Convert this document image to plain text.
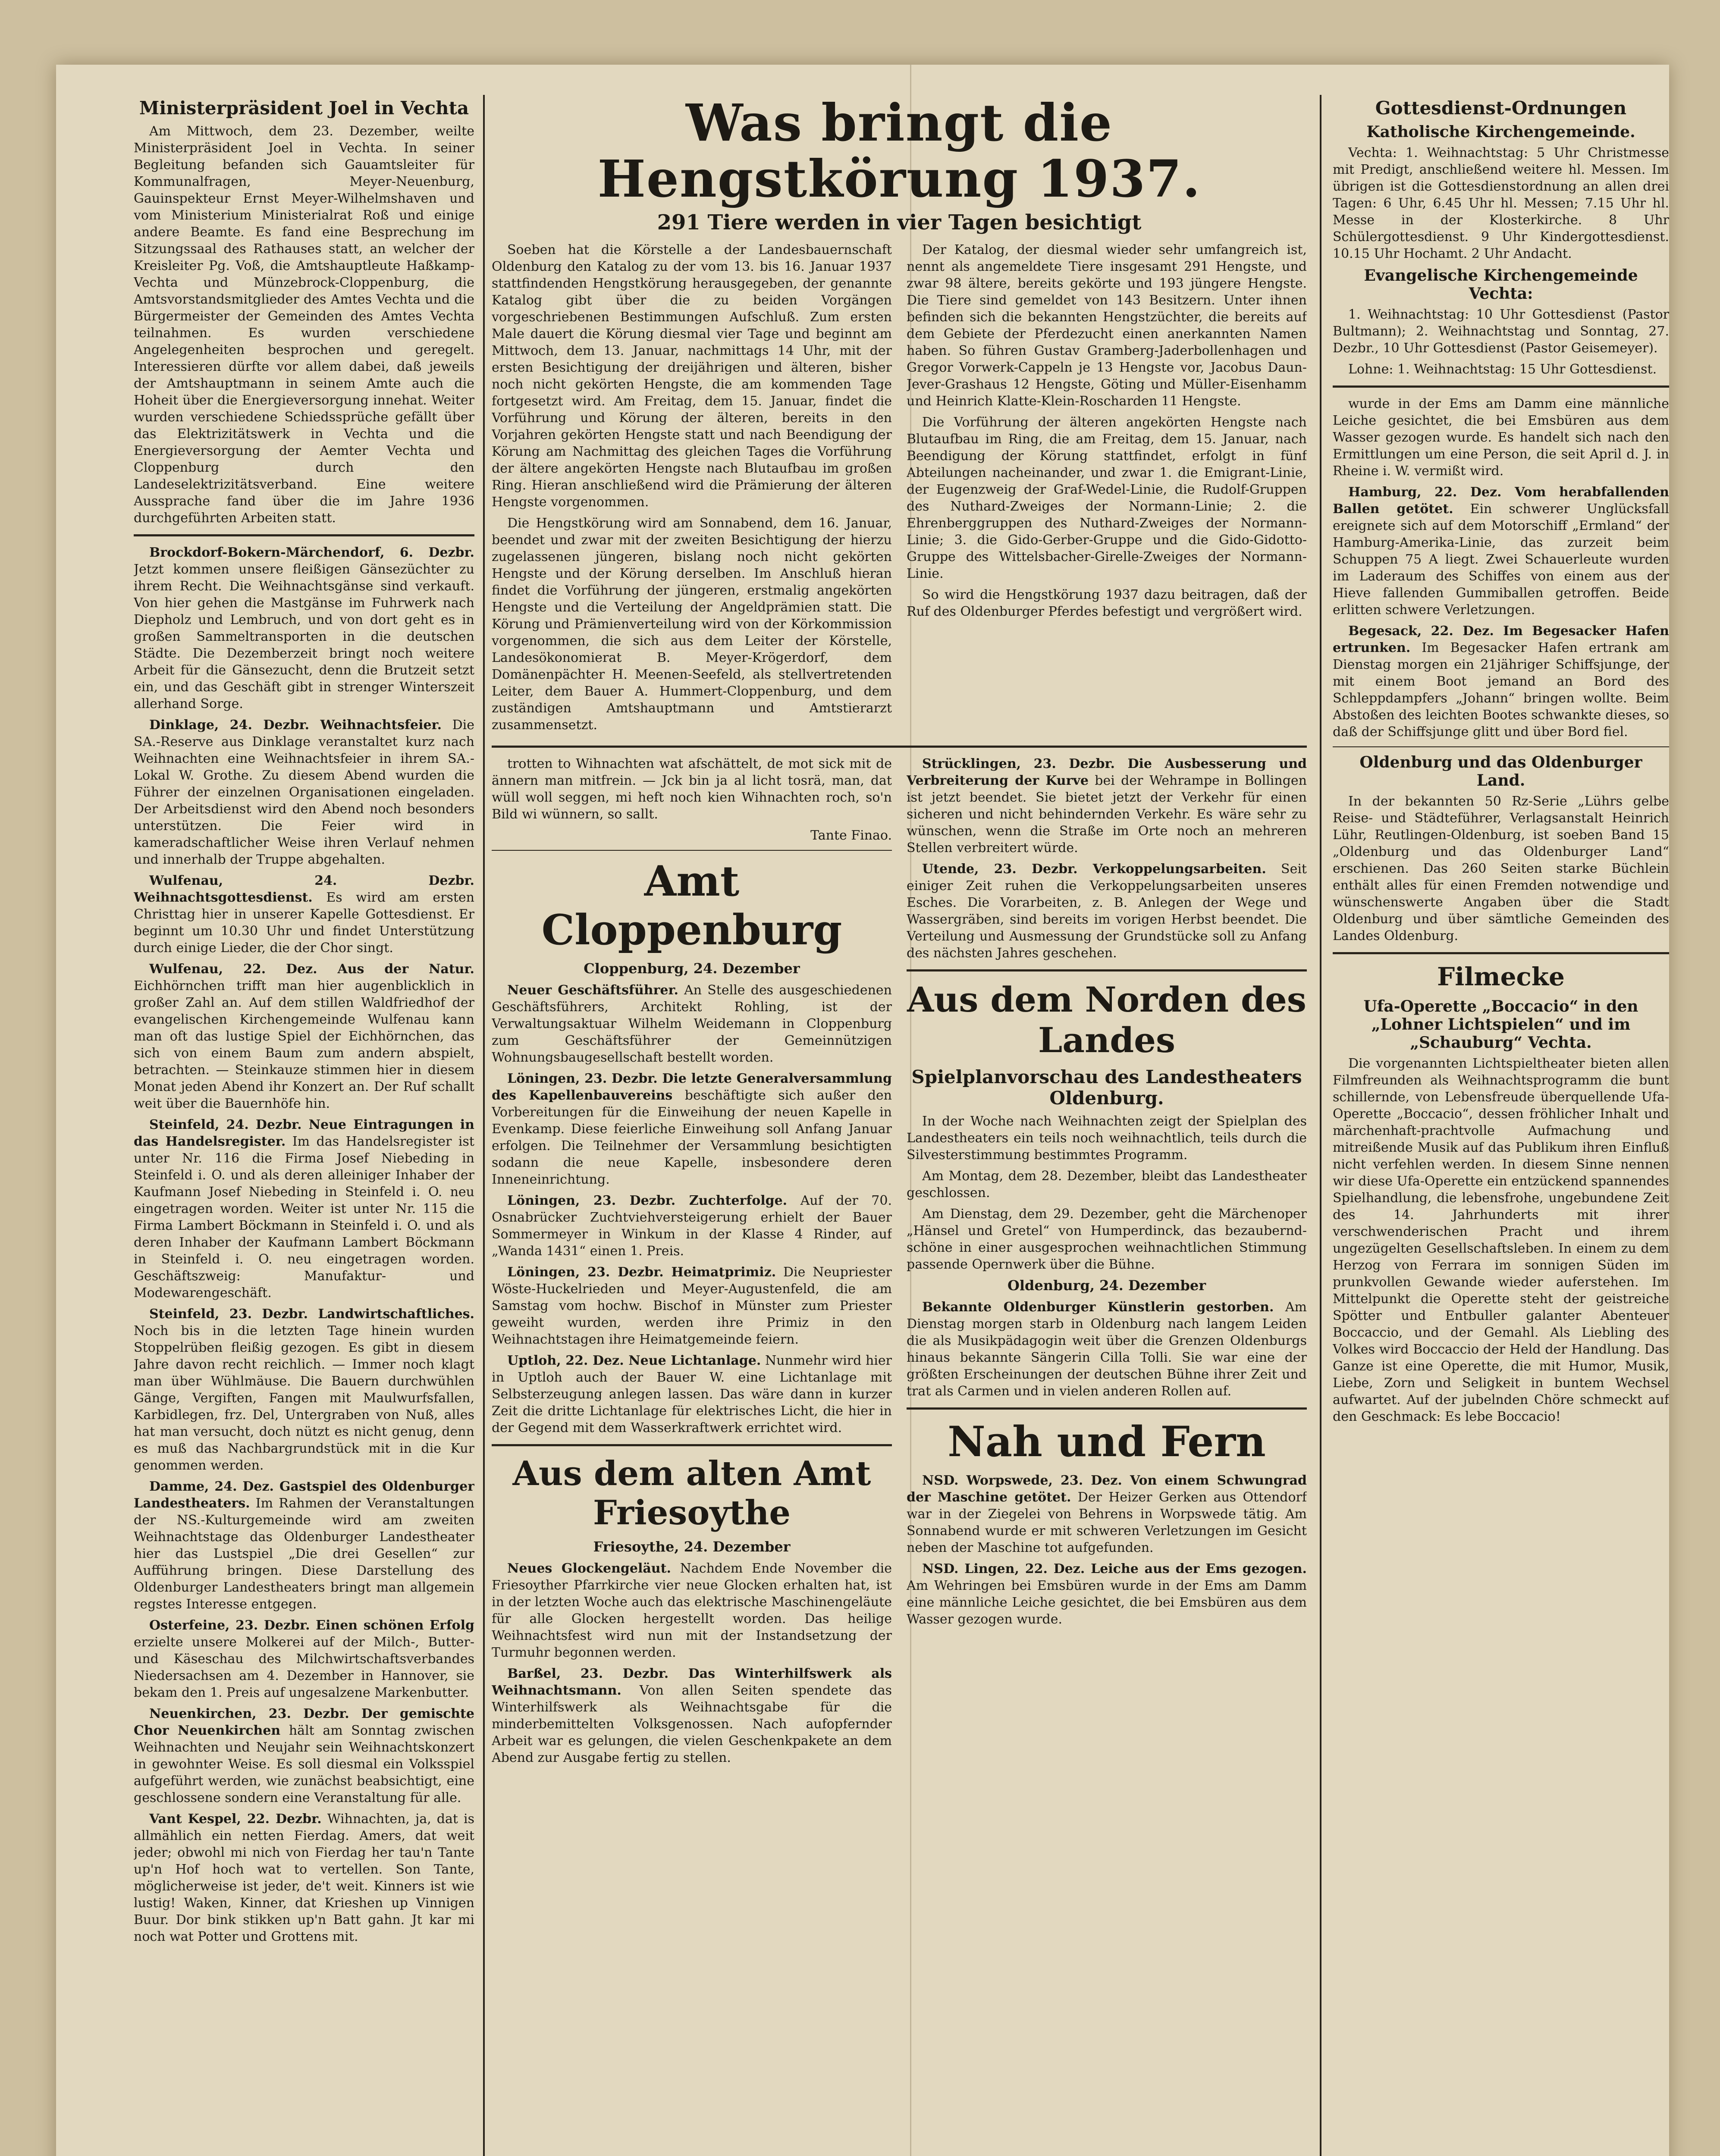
Ministerpräsident Joel in Vechta

Am Mittwoch, dem 23. Dezember, weilte Ministerpräsident Joel in Vechta. In seiner Begleitung befanden sich Gauamtsleiter für Kommunalfragen, Meyer-Neuenburg, Gauinspekteur Ernst Meyer-Wilhelmshaven und vom Ministerium Ministerialrat Roß und einige andere Beamte. Es fand eine Besprechung im Sitzungssaal des Rathauses statt, an welcher der Kreisleiter Pg. Voß, die Amtshauptleute Haßkamp-Vechta und Münzebrock-Cloppenburg, die Amtsvorstandsmitglieder des Amtes Vechta und die Bürgermeister der Gemeinden des Amtes Vechta teilnahmen. Es wurden verschiedene Angelegenheiten besprochen und geregelt. Interessieren dürfte vor allem dabei, daß jeweils der Amtshauptmann in seinem Amte auch die Hoheit über die Energieversorgung innehat. Weiter wurden verschiedene Schiedssprüche gefällt über das Elektrizitätswerk in Vechta und die Energieversorgung der Aemter Vechta und Cloppenburg durch den Landeselektrizitätsverband. Eine weitere Aussprache fand über die im Jahre 1936 durchgeführten Arbeiten statt.

Brockdorf-Bokern-Märchendorf, 6. Dezbr. Jetzt kommen unsere fleißigen Gänsezüchter zu ihrem Recht. Die Weihnachtsgänse sind verkauft. Von hier gehen die Mastgänse im Fuhrwerk nach Diepholz und Lembruch, und von dort geht es in großen Sammeltransporten in die deutschen Städte. Die Dezemberzeit bringt noch weitere Arbeit für die Gänsezucht, denn die Brutzeit setzt ein, und das Geschäft gibt in strenger Winterszeit allerhand Sorge.

Dinklage, 24. Dezbr. Weihnachtsfeier. Die SA.-Reserve aus Dinklage veranstaltet kurz nach Weihnachten eine Weihnachtsfeier in ihrem SA.-Lokal W. Grothe. Zu diesem Abend wurden die Führer der einzelnen Organisationen eingeladen. Der Arbeitsdienst wird den Abend noch besonders unterstützen. Die Feier wird in kameradschaftlicher Weise ihren Verlauf nehmen und innerhalb der Truppe abgehalten.

Wulfenau, 24. Dezbr. Weihnachtsgottesdienst. Es wird am ersten Christtag hier in unserer Kapelle Gottesdienst. Er beginnt um 10.30 Uhr und findet Unterstützung durch einige Lieder, die der Chor singt.

Wulfenau, 22. Dez. Aus der Natur. Eichhörnchen trifft man hier augenblicklich in großer Zahl an. Auf dem stillen Waldfriedhof der evangelischen Kirchengemeinde Wulfenau kann man oft das lustige Spiel der Eichhörnchen, das sich von einem Baum zum andern abspielt, betrachten. — Steinkauze stimmen hier in diesem Monat jeden Abend ihr Konzert an. Der Ruf schallt weit über die Bauernhöfe hin.

Steinfeld, 24. Dezbr. Neue Eintragungen in das Handelsregister. Im das Handelsregister ist unter Nr. 116 die Firma Josef Niebeding in Steinfeld i. O. und als deren alleiniger Inhaber der Kaufmann Josef Niebeding in Steinfeld i. O. neu eingetragen worden. Weiter ist unter Nr. 115 die Firma Lambert Böckmann in Steinfeld i. O. und als deren Inhaber der Kaufmann Lambert Böckmann in Steinfeld i. O. neu eingetragen worden. Geschäftszweig: Manufaktur- und Modewarengeschäft.

Steinfeld, 23. Dezbr. Landwirtschaftliches. Noch bis in die letzten Tage hinein wurden Stoppelrüben fleißig gezogen. Es gibt in diesem Jahre davon recht reichlich. — Immer noch klagt man über Wühlmäuse. Die Bauern durchwühlen Gänge, Vergiften, Fangen mit Maulwurfsfallen, Karbidlegen, frz. Del, Untergraben von Nuß, alles hat man versucht, doch nützt es nicht genug, denn es muß das Nachbargrundstück mit in die Kur genommen werden.

Damme, 24. Dez. Gastspiel des Oldenburger Landestheaters. Im Rahmen der Veranstaltungen der NS.-Kulturgemeinde wird am zweiten Weihnachtstage das Oldenburger Landestheater hier das Lustspiel „Die drei Gesellen“ zur Aufführung bringen. Diese Darstellung des Oldenburger Landestheaters bringt man allgemein regstes Interesse entgegen.

Osterfeine, 23. Dezbr. Einen schönen Erfolg erzielte unsere Molkerei auf der Milch-, Butter- und Käseschau des Milchwirtschaftsverbandes Niedersachsen am 4. Dezember in Hannover, sie bekam den 1. Preis auf ungesalzene Markenbutter.

Neuenkirchen, 23. Dezbr. Der gemischte Chor Neuenkirchen hält am Sonntag zwischen Weihnachten und Neujahr sein Weihnachtskonzert in gewohnter Weise. Es soll diesmal ein Volksspiel aufgeführt werden, wie zunächst beabsichtigt, eine geschlossene sondern eine Veranstaltung für alle.

Vant Kespel, 22. Dezbr. Wihnachten, ja, dat is allmählich ein netten Fierdag. Amers, dat weit jeder; obwohl mi nich von Fierdag her tau'n Tante up'n Hof hoch wat to vertellen. Son Tante, möglicherweise ist jeder, de't weit. Kinners ist wie lustig! Waken, Kinner, dat Krieshen up Vinnigen Buur. Dor bink stikken up'n Batt gahn. Jt kar mi noch wat Potter und Grottens mit.

Was bringt die Hengstkörung 1937.
291 Tiere werden in vier Tagen besichtigt

Soeben hat die Körstelle a der Landesbauernschaft Oldenburg den Katalog zu der vom 13. bis 16. Januar 1937 stattfindenden Hengstkörung herausgegeben, der genannte Katalog gibt über die zu beiden Vorgängen vorgeschriebenen Bestimmungen Aufschluß. Zum ersten Male dauert die Körung diesmal vier Tage und beginnt am Mittwoch, dem 13. Januar, nachmittags 14 Uhr, mit der ersten Besichtigung der dreijährigen und älteren, bisher noch nicht gekörten Hengste, die am kommenden Tage fortgesetzt wird. Am Freitag, dem 15. Januar, findet die Vorführung und Körung der älteren, bereits in den Vorjahren gekörten Hengste statt und nach Beendigung der Körung am Nachmittag des gleichen Tages die Vorführung der ältere angekörten Hengste nach Blutaufbau im großen Ring. Hieran anschließend wird die Prämierung der älteren Hengste vorgenommen.

Die Hengstkörung wird am Sonnabend, dem 16. Januar, beendet und zwar mit der zweiten Besichtigung der hierzu zugelassenen jüngeren, bislang noch nicht gekörten Hengste und der Körung derselben. Im Anschluß hieran findet die Vorführung der jüngeren, erstmalig angekörten Hengste und die Verteilung der Angeldprämien statt. Die Körung und Prämienverteilung wird von der Körkommission vorgenommen, die sich aus dem Leiter der Körstelle, Landesökonomierat B. Meyer-Krögerdorf, dem Domänenpächter H. Meenen-Seefeld, als stellvertretenden Leiter, dem Bauer A. Hummert-Cloppenburg, und dem zuständigen Amtshauptmann und Amtstierarzt zusammensetzt.

Der Katalog, der diesmal wieder sehr umfangreich ist, nennt als angemeldete Tiere insgesamt 291 Hengste, und zwar 98 ältere, bereits gekörte und 193 jüngere Hengste. Die Tiere sind gemeldet von 143 Besitzern. Unter ihnen befinden sich die bekannten Hengstzüchter, die bereits auf dem Gebiete der Pferdezucht einen anerkannten Namen haben. So führen Gustav Gramberg-Jaderbollenhagen und Gregor Vorwerk-Cappeln je 13 Hengste vor, Jacobus Daun-Jever-Grashaus 12 Hengste, Göting und Müller-Eisenhamm und Heinrich Klatte-Klein-Roscharden 11 Hengste.

Die Vorführung der älteren angekörten Hengste nach Blutaufbau im Ring, die am Freitag, dem 15. Januar, nach Beendigung der Körung stattfindet, erfolgt in fünf Abteilungen nacheinander, und zwar 1. die Emigrant-Linie, der Eugenzweig der Graf-Wedel-Linie, die Rudolf-Gruppen des Nuthard-Zweiges der Normann-Linie; 2. die Ehrenberggruppen des Nuthard-Zweiges der Normann-Linie; 3. die Gido-Gerber-Gruppe und die Gido-Gidotto-Gruppe des Wittelsbacher-Girelle-Zweiges der Normann-Linie.

So wird die Hengstkörung 1937 dazu beitragen, daß der Ruf des Oldenburger Pferdes befestigt und vergrößert wird.

trotten to Wihnachten wat afschättelt, de mot sick mit de ännern man mitfrein. — Jck bin ja al licht tosrä, man, dat wüll woll seggen, mi heft noch kien Wihnachten roch, so'n Bild wi wünnern, so sallt.

Tante Finao.

Amt Cloppenburg
Cloppenburg, 24. Dezember

Neuer Geschäftsführer. An Stelle des ausgeschiedenen Geschäftsführers, Architekt Rohling, ist der Verwaltungsaktuar Wilhelm Weidemann in Cloppenburg zum Geschäftsführer der Gemeinnützigen Wohnungsbaugesellschaft bestellt worden.

Löningen, 23. Dezbr. Die letzte Generalversammlung des Kapellenbauvereins beschäftigte sich außer den Vorbereitungen für die Einweihung der neuen Kapelle in Evenkamp. Diese feierliche Einweihung soll Anfang Januar erfolgen. Die Teilnehmer der Versammlung besichtigten sodann die neue Kapelle, insbesondere deren Inneneinrichtung.

Löningen, 23. Dezbr. Zuchterfolge. Auf der 70. Osnabrücker Zuchtviehversteigerung erhielt der Bauer Sommermeyer in Winkum in der Klasse 4 Rinder, auf „Wanda 1431“ einen 1. Preis.

Löningen, 23. Dezbr. Heimatprimiz. Die Neupriester Wöste-Huckelrieden und Meyer-Augustenfeld, die am Samstag vom hochw. Bischof in Münster zum Priester geweiht wurden, werden ihre Primiz in den Weihnachtstagen ihre Heimatgemeinde feiern.

Uptloh, 22. Dez. Neue Lichtanlage. Nunmehr wird hier in Uptloh auch der Bauer W. eine Lichtanlage mit Selbsterzeugung anlegen lassen. Das wäre dann in kurzer Zeit die dritte Lichtanlage für elektrisches Licht, die hier in der Gegend mit dem Wasserkraftwerk errichtet wird.

Aus dem alten Amt Friesoythe
Friesoythe, 24. Dezember

Neues Glockengeläut. Nachdem Ende November die Friesoyther Pfarrkirche vier neue Glocken erhalten hat, ist in der letzten Woche auch das elektrische Maschinengeläute für alle Glocken hergestellt worden. Das heilige Weihnachtsfest wird nun mit der Instandsetzung der Turmuhr begonnen werden.

Barßel, 23. Dezbr. Das Winterhilfswerk als Weihnachtsmann. Von allen Seiten spendete das Winterhilfswerk als Weihnachtsgabe für die minderbemittelten Volksgenossen. Nach aufopfernder Arbeit war es gelungen, die vielen Geschenkpakete an dem Abend zur Ausgabe fertig zu stellen.

Strücklingen, 23. Dezbr. Die Ausbesserung und Verbreiterung der Kurve bei der Wehrampe in Bollingen ist jetzt beendet. Sie bietet jetzt der Verkehr für einen sicheren und nicht behindernden Verkehr. Es wäre sehr zu wünschen, wenn die Straße im Orte noch an mehreren Stellen verbreitert würde.

Utende, 23. Dezbr. Verkoppelungsarbeiten. Seit einiger Zeit ruhen die Verkoppelungsarbeiten unseres Esches. Die Vorarbeiten, z. B. Anlegen der Wege und Wassergräben, sind bereits im vorigen Herbst beendet. Die Verteilung und Ausmessung der Grundstücke soll zu Anfang des nächsten Jahres geschehen.

Aus dem Norden des Landes
Spielplanvorschau des Landestheaters Oldenburg.

In der Woche nach Weihnachten zeigt der Spielplan des Landestheaters ein teils noch weihnachtlich, teils durch die Silvesterstimmung bestimmtes Programm.

Am Montag, dem 28. Dezember, bleibt das Landestheater geschlossen.

Am Dienstag, dem 29. Dezember, geht die Märchenoper „Hänsel und Gretel“ von Humperdinck, das bezaubernd-schöne in einer ausgesprochen weihnachtlichen Stimmung passende Opernwerk über die Bühne.

Oldenburg, 24. Dezember

Bekannte Oldenburger Künstlerin gestorben. Am Dienstag morgen starb in Oldenburg nach langem Leiden die als Musikpädagogin weit über die Grenzen Oldenburgs hinaus bekannte Sängerin Cilla Tolli. Sie war eine der größten Erscheinungen der deutschen Bühne ihrer Zeit und trat als Carmen und in vielen anderen Rollen auf.

Nah und Fern

NSD. Worpswede, 23. Dez. Von einem Schwungrad der Maschine getötet. Der Heizer Gerken aus Ottendorf war in der Ziegelei von Behrens in Worpswede tätig. Am Sonnabend wurde er mit schweren Verletzungen im Gesicht neben der Maschine tot aufgefunden.

NSD. Lingen, 22. Dez. Leiche aus der Ems gezogen. Am Wehringen bei Emsbüren wurde in der Ems am Damm eine männliche Leiche gesichtet, die bei Emsbüren aus dem Wasser gezogen wurde.

Gottesdienst-Ordnungen
Katholische Kirchengemeinde.

Vechta: 1. Weihnachtstag: 5 Uhr Christmesse mit Predigt, anschließend weitere hl. Messen. Im übrigen ist die Gottesdienstordnung an allen drei Tagen: 6 Uhr, 6.45 Uhr hl. Messen; 7.15 Uhr hl. Messe in der Klosterkirche. 8 Uhr Schülergottesdienst. 9 Uhr Kindergottesdienst. 10.15 Uhr Hochamt. 2 Uhr Andacht.

Evangelische Kirchengemeinde Vechta:

1. Weihnachtstag: 10 Uhr Gottesdienst (Pastor Bultmann); 2. Weihnachtstag und Sonntag, 27. Dezbr., 10 Uhr Gottesdienst (Pastor Geisemeyer).

Lohne: 1. Weihnachtstag: 15 Uhr Gottesdienst.

wurde in der Ems am Damm eine männliche Leiche gesichtet, die bei Emsbüren aus dem Wasser gezogen wurde. Es handelt sich nach den Ermittlungen um eine Person, die seit April d. J. in Rheine i. W. vermißt wird.

Hamburg, 22. Dez. Vom herabfallenden Ballen getötet. Ein schwerer Unglücksfall ereignete sich auf dem Motorschiff „Ermland“ der Hamburg-Amerika-Linie, das zurzeit beim Schuppen 75 A liegt. Zwei Schauerleute wurden im Laderaum des Schiffes von einem aus der Hieve fallenden Gummiballen getroffen. Beide erlitten schwere Verletzungen.

Begesack, 22. Dez. Im Begesacker Hafen ertrunken. Im Begesacker Hafen ertrank am Dienstag morgen ein 21jähriger Schiffsjunge, der mit einem Boot jemand an Bord des Schleppdampfers „Johann“ bringen wollte. Beim Abstoßen des leichten Bootes schwankte dieses, so daß der Schiffsjunge glitt und über Bord fiel.

Oldenburg und das Oldenburger Land.

In der bekannten 50 Rz-Serie „Lührs gelbe Reise- und Städteführer, Verlagsanstalt Heinrich Lühr, Reutlingen-Oldenburg, ist soeben Band 15 „Oldenburg und das Oldenburger Land“ erschienen. Das 260 Seiten starke Büchlein enthält alles für einen Fremden notwendige und wünschenswerte Angaben über die Stadt Oldenburg und über sämtliche Gemeinden des Landes Oldenburg.

Filmecke
Ufa-Operette „Boccacio“ in den „Lohner Lichtspielen“ und im „Schauburg“ Vechta.

Die vorgenannten Lichtspieltheater bieten allen Filmfreunden als Weihnachtsprogramm die bunt schillernde, von Lebensfreude überquellende Ufa-Operette „Boccacio“, dessen fröhlicher Inhalt und märchenhaft-prachtvolle Aufmachung und mitreißende Musik auf das Publikum ihren Einfluß nicht verfehlen werden. In diesem Sinne nennen wir diese Ufa-Operette ein entzückend spannendes Spielhandlung, die lebensfrohe, ungebundene Zeit des 14. Jahrhunderts mit ihrer verschwenderischen Pracht und ihrem ungezügelten Gesellschaftsleben. In einem zu dem Herzog von Ferrara im sonnigen Süden im prunkvollen Gewande wieder auferstehen. Im Mittelpunkt die Operette steht der geistreiche Spötter und Entbuller galanter Abenteuer Boccaccio, und der Gemahl. Als Liebling des Volkes wird Boccaccio der Held der Handlung. Das Ganze ist eine Operette, die mit Humor, Musik, Liebe, Zorn und Seligkeit in buntem Wechsel aufwartet. Auf der jubelnden Chöre schmeckt auf den Geschmack: Es lebe Boccacio!
